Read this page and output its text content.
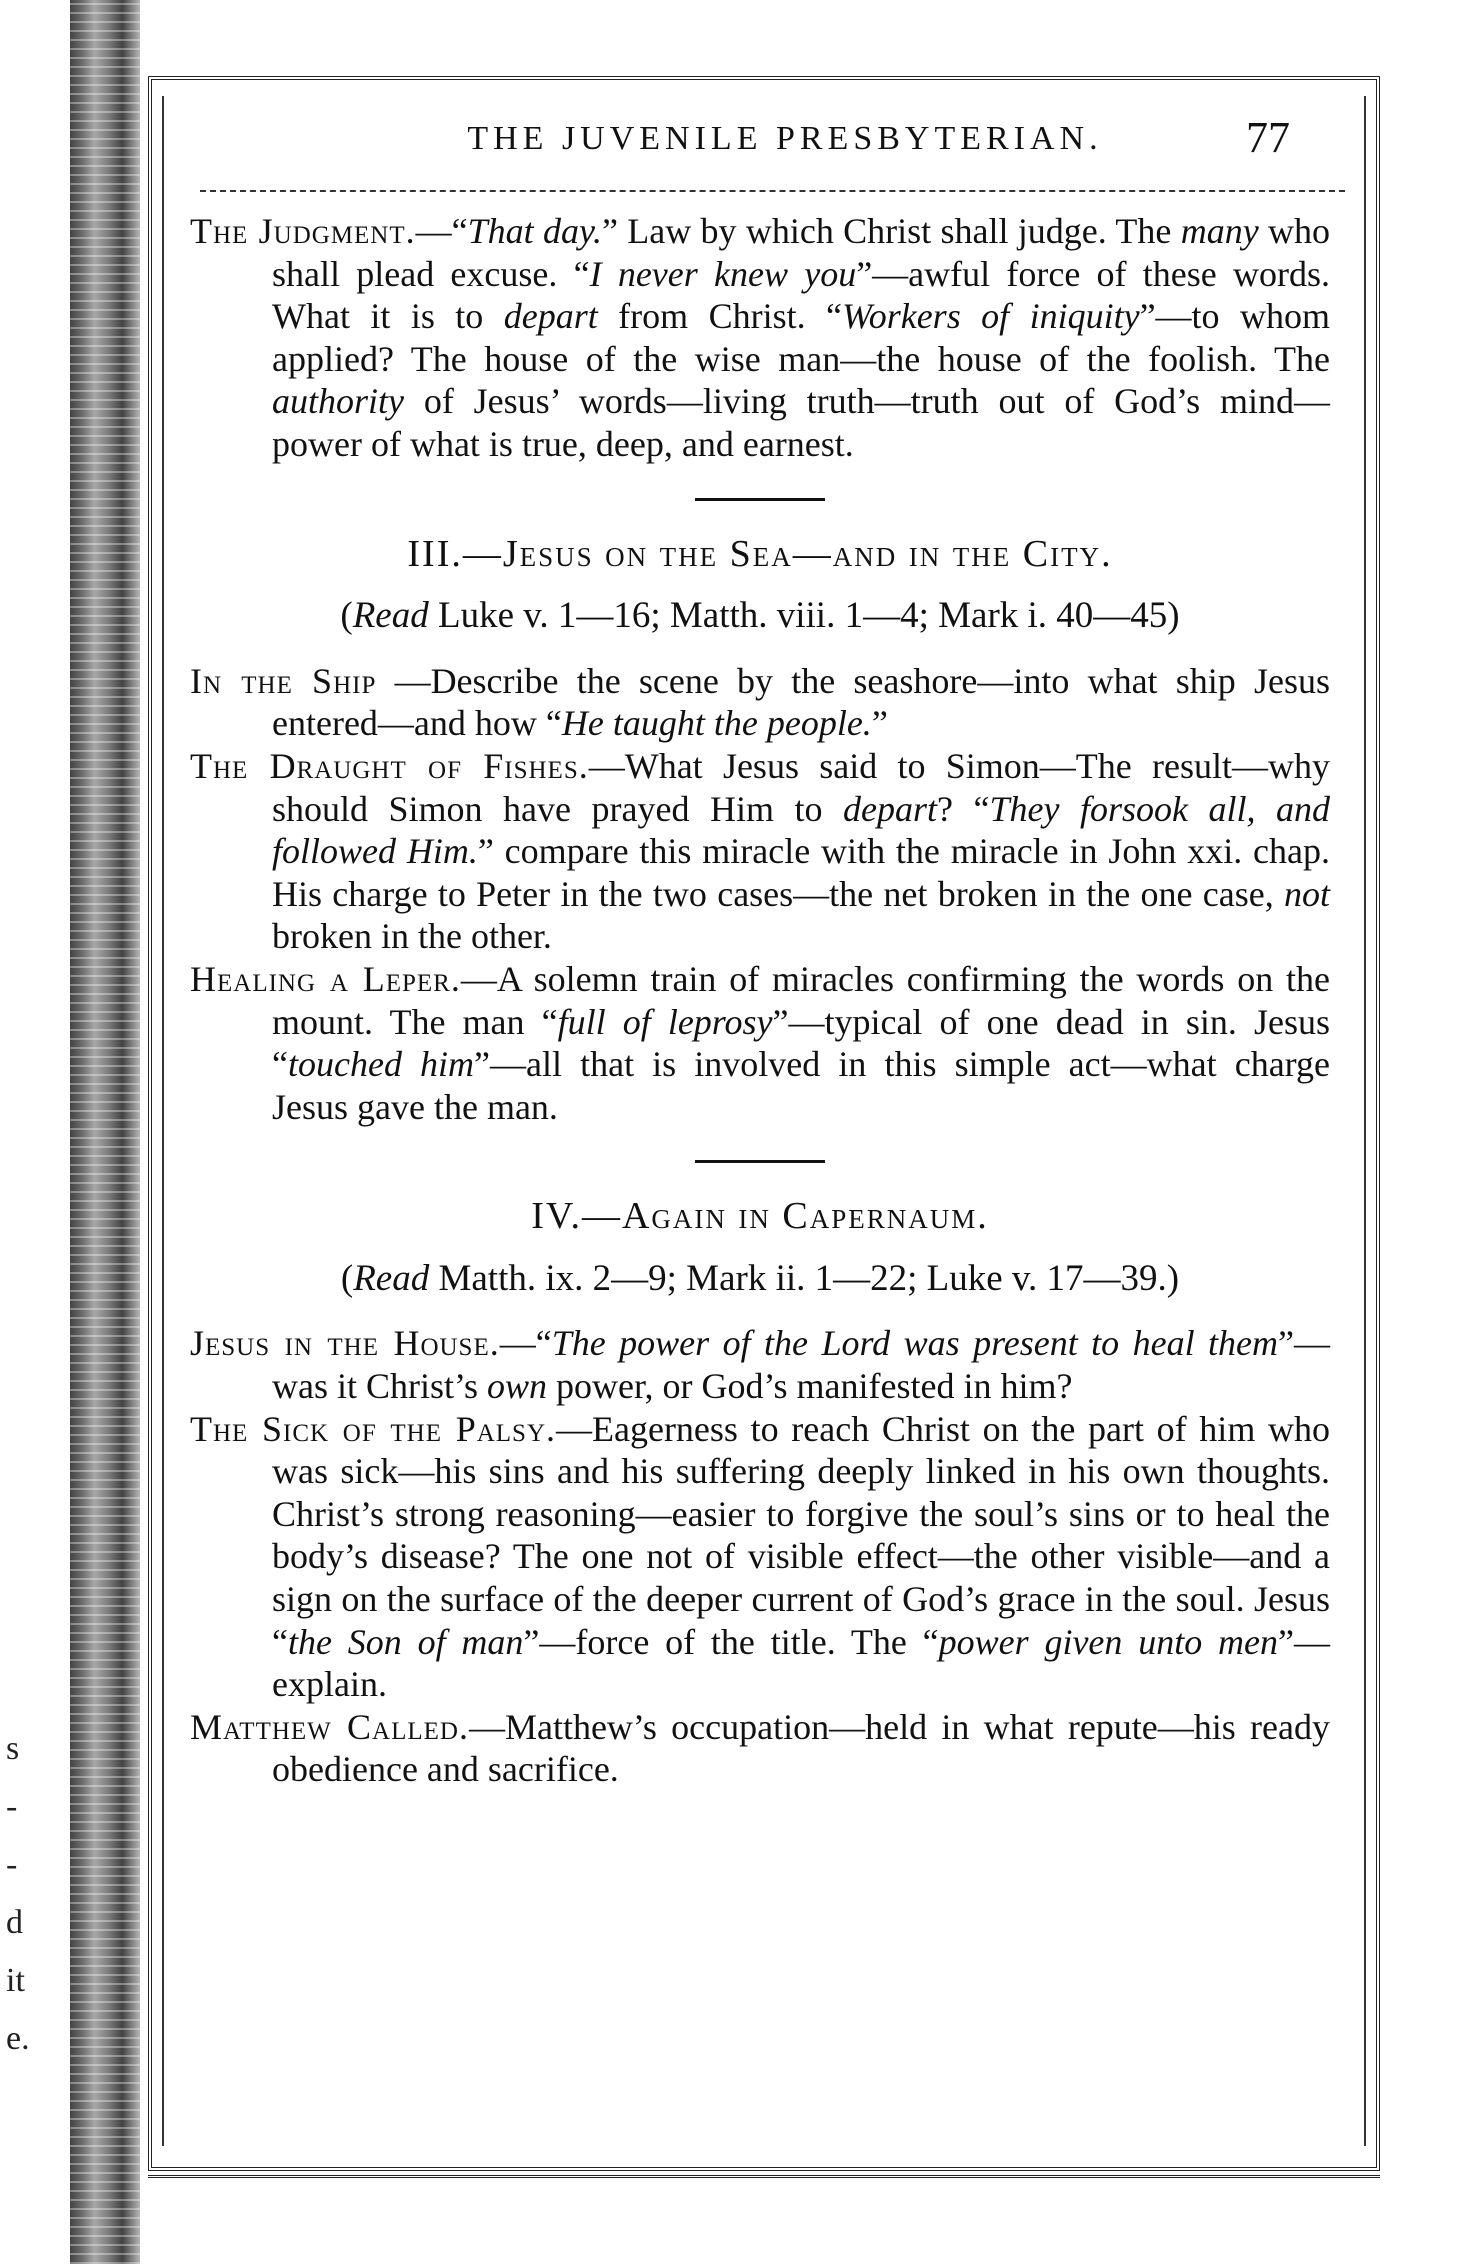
s
-
-
d
it
e.
THE JUVENILE PRESBYTERIAN.	77

The Judgment.—“That day.” Law by which Christ shall judge. The many who shall plead excuse. “I never knew you”—awful force of these words. What it is to depart from Christ. “Workers of iniquity”—to whom applied? The house of the wise man—the house of the foolish. The authority of Jesus’ words—living truth—truth out of God’s mind—power of what is true, deep, and earnest.

III.—Jesus on the Sea—and in the City.
(Read Luke v. 1—16; Matth. viii. 1—4; Mark i. 40—45)

In the Ship —Describe the scene by the seashore—into what ship Jesus entered—and how “He taught the people.”

The Draught of Fishes.—What Jesus said to Simon—The result—why should Simon have prayed Him to depart? “They forsook all, and followed Him.” compare this miracle with the miracle in John xxi. chap. His charge to Peter in the two cases—the net broken in the one case, not broken in the other.

Healing a Leper.—A solemn train of miracles confirming the words on the mount. The man “full of leprosy”—typical of one dead in sin. Jesus “touched him”—all that is involved in this simple act—what charge Jesus gave the man.

IV.—Again in Capernaum.
(Read Matth. ix. 2—9; Mark ii. 1—22; Luke v. 17—39.)

Jesus in the House.—“The power of the Lord was present to heal them”—was it Christ’s own power, or God’s manifested in him?

The Sick of the Palsy.—Eagerness to reach Christ on the part of him who was sick—his sins and his suffering deeply linked in his own thoughts. Christ’s strong reasoning—easier to forgive the soul’s sins or to heal the body’s disease? The one not of visible effect—the other visible—and a sign on the surface of the deeper current of God’s grace in the soul. Jesus “the Son of man”—force of the title. The “power given unto men”—explain.

Matthew Called.—Matthew’s occupation—held in what repute—his ready obedience and sacrifice.
